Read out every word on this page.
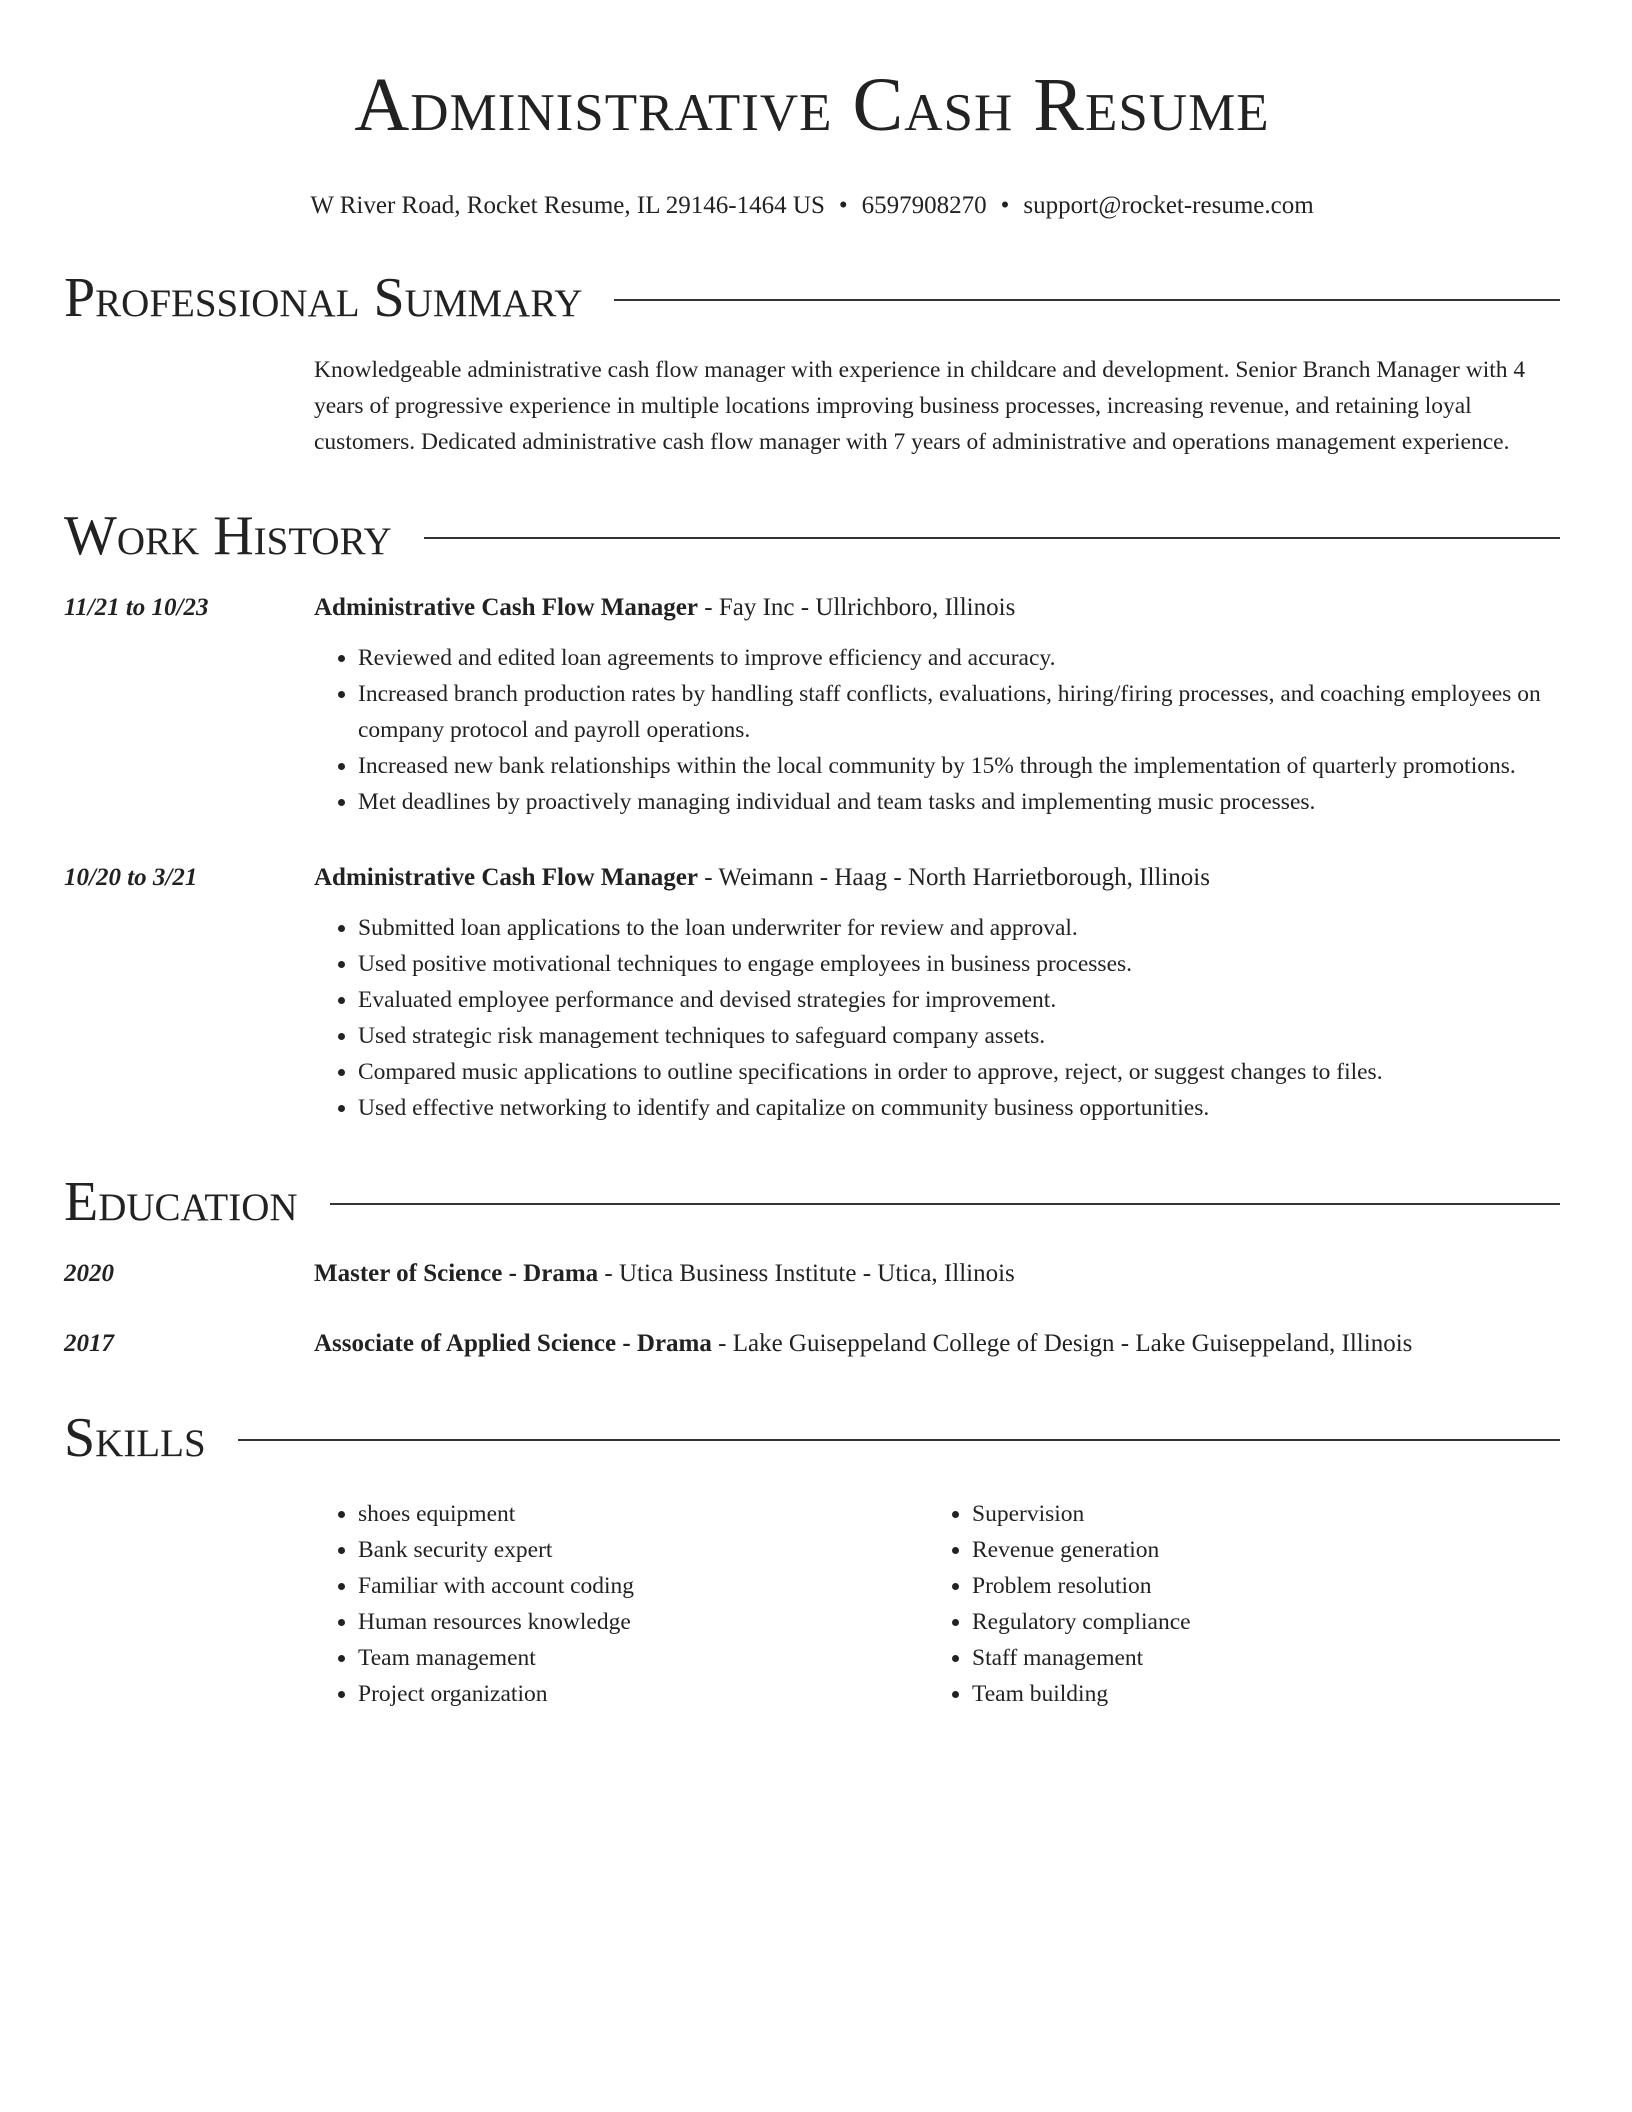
Administrative Cash Resume
W River Road, Rocket Resume, IL 29146-1464 US • 6597908270 • support@rocket-resume.com
Professional Summary
Knowledgeable administrative cash flow manager with experience in childcare and development. Senior Branch Manager with 4 years of progressive experience in multiple locations improving business processes, increasing revenue, and retaining loyal customers. Dedicated administrative cash flow manager with 7 years of administrative and operations management experience.
Work History
11/21 to 10/23	Administrative Cash Flow Manager - Fay Inc - Ullrichboro, Illinois
• Reviewed and edited loan agreements to improve efficiency and accuracy.
• Increased branch production rates by handling staff conflicts, evaluations, hiring/firing processes, and coaching employees on company protocol and payroll operations.
• Increased new bank relationships within the local community by 15% through the implementation of quarterly promotions.
• Met deadlines by proactively managing individual and team tasks and implementing music processes.
10/20 to 3/21	Administrative Cash Flow Manager - Weimann - Haag - North Harrietborough, Illinois
• Submitted loan applications to the loan underwriter for review and approval.
• Used positive motivational techniques to engage employees in business processes.
• Evaluated employee performance and devised strategies for improvement.
• Used strategic risk management techniques to safeguard company assets.
• Compared music applications to outline specifications in order to approve, reject, or suggest changes to files.
• Used effective networking to identify and capitalize on community business opportunities.
Education
2020	Master of Science - Drama - Utica Business Institute - Utica, Illinois
2017	Associate of Applied Science - Drama - Lake Guiseppeland College of Design - Lake Guiseppeland, Illinois
Skills
• shoes equipment
• Bank security expert
• Familiar with account coding
• Human resources knowledge
• Team management
• Project organization
• Supervision
• Revenue generation
• Problem resolution
• Regulatory compliance
• Staff management
• Team building
